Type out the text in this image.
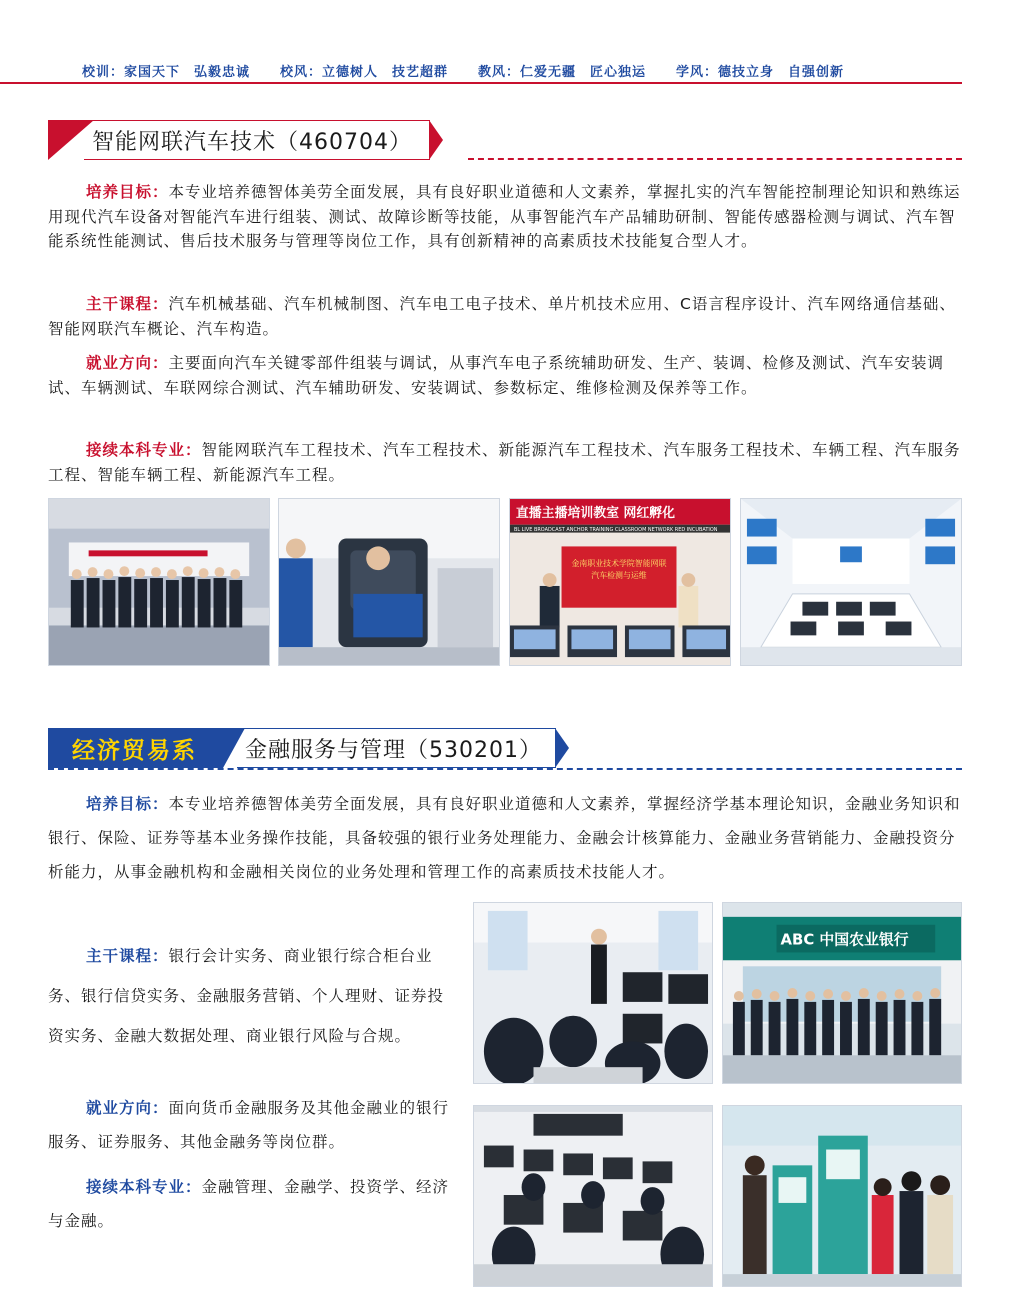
校训：家国天下　弘毅忠诚 校风：立德树人　技艺超群 教风：仁爱无疆　匠心独运 学风：德技立身　自强创新
智能网联汽车技术（460704）
培养目标：本专业培养德智体美劳全面发展，具有良好职业道德和人文素养，掌握扎实的汽车智能控制理论知识和熟练运用现代汽车设备对智能汽车进行组装、测试、故障诊断等技能，从事智能汽车产品辅助研制、智能传感器检测与调试、汽车智能系统性能测试、售后技术服务与管理等岗位工作，具有创新精神的高素质技术技能复合型人才。
主干课程：汽车机械基础、汽车机械制图、汽车电工电子技术、单片机技术应用、C语言程序设计、汽车网络通信基础、智能网联汽车概论、汽车构造。
就业方向：主要面向汽车关键零部件组装与调试，从事汽车电子系统辅助研发、生产、装调、检修及测试、汽车安装调试、车辆测试、车联网综合测试、汽车辅助研发、安装调试、参数标定、维修检测及保养等工作。
接续本科专业：智能网联汽车工程技术、汽车工程技术、新能源汽车工程技术、汽车服务工程技术、车辆工程、汽车服务工程、智能车辆工程、新能源汽车工程。
直播主播培训教室 网红孵化
BL LIVE BROADCAST ANCHOR TRAINING CLASSROOM NETWORK RED INCUBATION
金南职业技术学院智能网联
汽车检测与运维
经济贸易系	金融服务与管理（530201）
培养目标：本专业培养德智体美劳全面发展，具有良好职业道德和人文素养，掌握经济学基本理论知识，金融业务知识和银行、保险、证券等基本业务操作技能，具备较强的银行业务处理能力、金融会计核算能力、金融业务营销能力、金融投资分析能力，从事金融机构和金融相关岗位的业务处理和管理工作的高素质技术技能人才。
主干课程：银行会计实务、商业银行综合柜台业务、银行信贷实务、金融服务营销、个人理财、证券投资实务、金融大数据处理、商业银行风险与合规。
就业方向：面向货币金融服务及其他金融业的银行服务、证券服务、其他金融务等岗位群。
接续本科专业：金融管理、金融学、投资学、经济与金融。
ABC 中国农业银行
